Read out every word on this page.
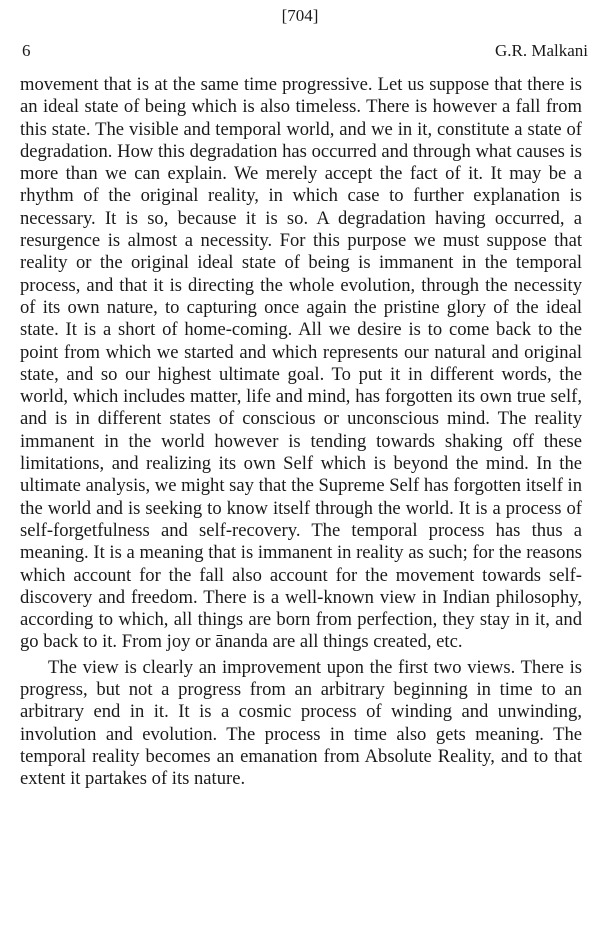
[704]
6	G.R. Malkani

movement that is at the same time progressive. Let us suppose that there is an ideal state of being which is also timeless. There is however a fall from this state. The visible and temporal world, and we in it, constitute a state of degradation. How this degradation has occurred and through what causes is more than we can explain. We merely accept the fact of it. It may be a rhythm of the original reality, in which case to further explanation is necessary. It is so, because it is so. A degradation having occurred, a resurgence is almost a necessity. For this purpose we must suppose that reality or the original ideal state of being is immanent in the temporal process, and that it is directing the whole evolution, through the necessity of its own nature, to capturing once again the pristine glory of the ideal state. It is a short of home-coming. All we desire is to come back to the point from which we started and which represents our natural and original state, and so our highest ultimate goal. To put it in different words, the world, which includes matter, life and mind, has forgotten its own true self, and is in different states of conscious or unconscious mind. The reality immanent in the world however is tending towards shaking off these limitations, and realizing its own Self which is beyond the mind. In the ultimate analysis, we might say that the Supreme Self has forgotten itself in the world and is seeking to know itself through the world. It is a process of self-forgetfulness and self-recovery. The temporal process has thus a meaning. It is a meaning that is immanent in reality as such; for the reasons which account for the fall also account for the movement towards self-discovery and freedom. There is a well-known view in Indian philosophy, according to which, all things are born from perfection, they stay in it, and go back to it. From joy or ānanda are all things created, etc.

The view is clearly an improvement upon the first two views. There is progress, but not a progress from an arbitrary beginning in time to an arbitrary end in it. It is a cosmic process of winding and unwinding, involution and evolution. The process in time also gets meaning. The temporal reality becomes an emanation from Absolute Reality, and to that extent it partakes of its nature.
